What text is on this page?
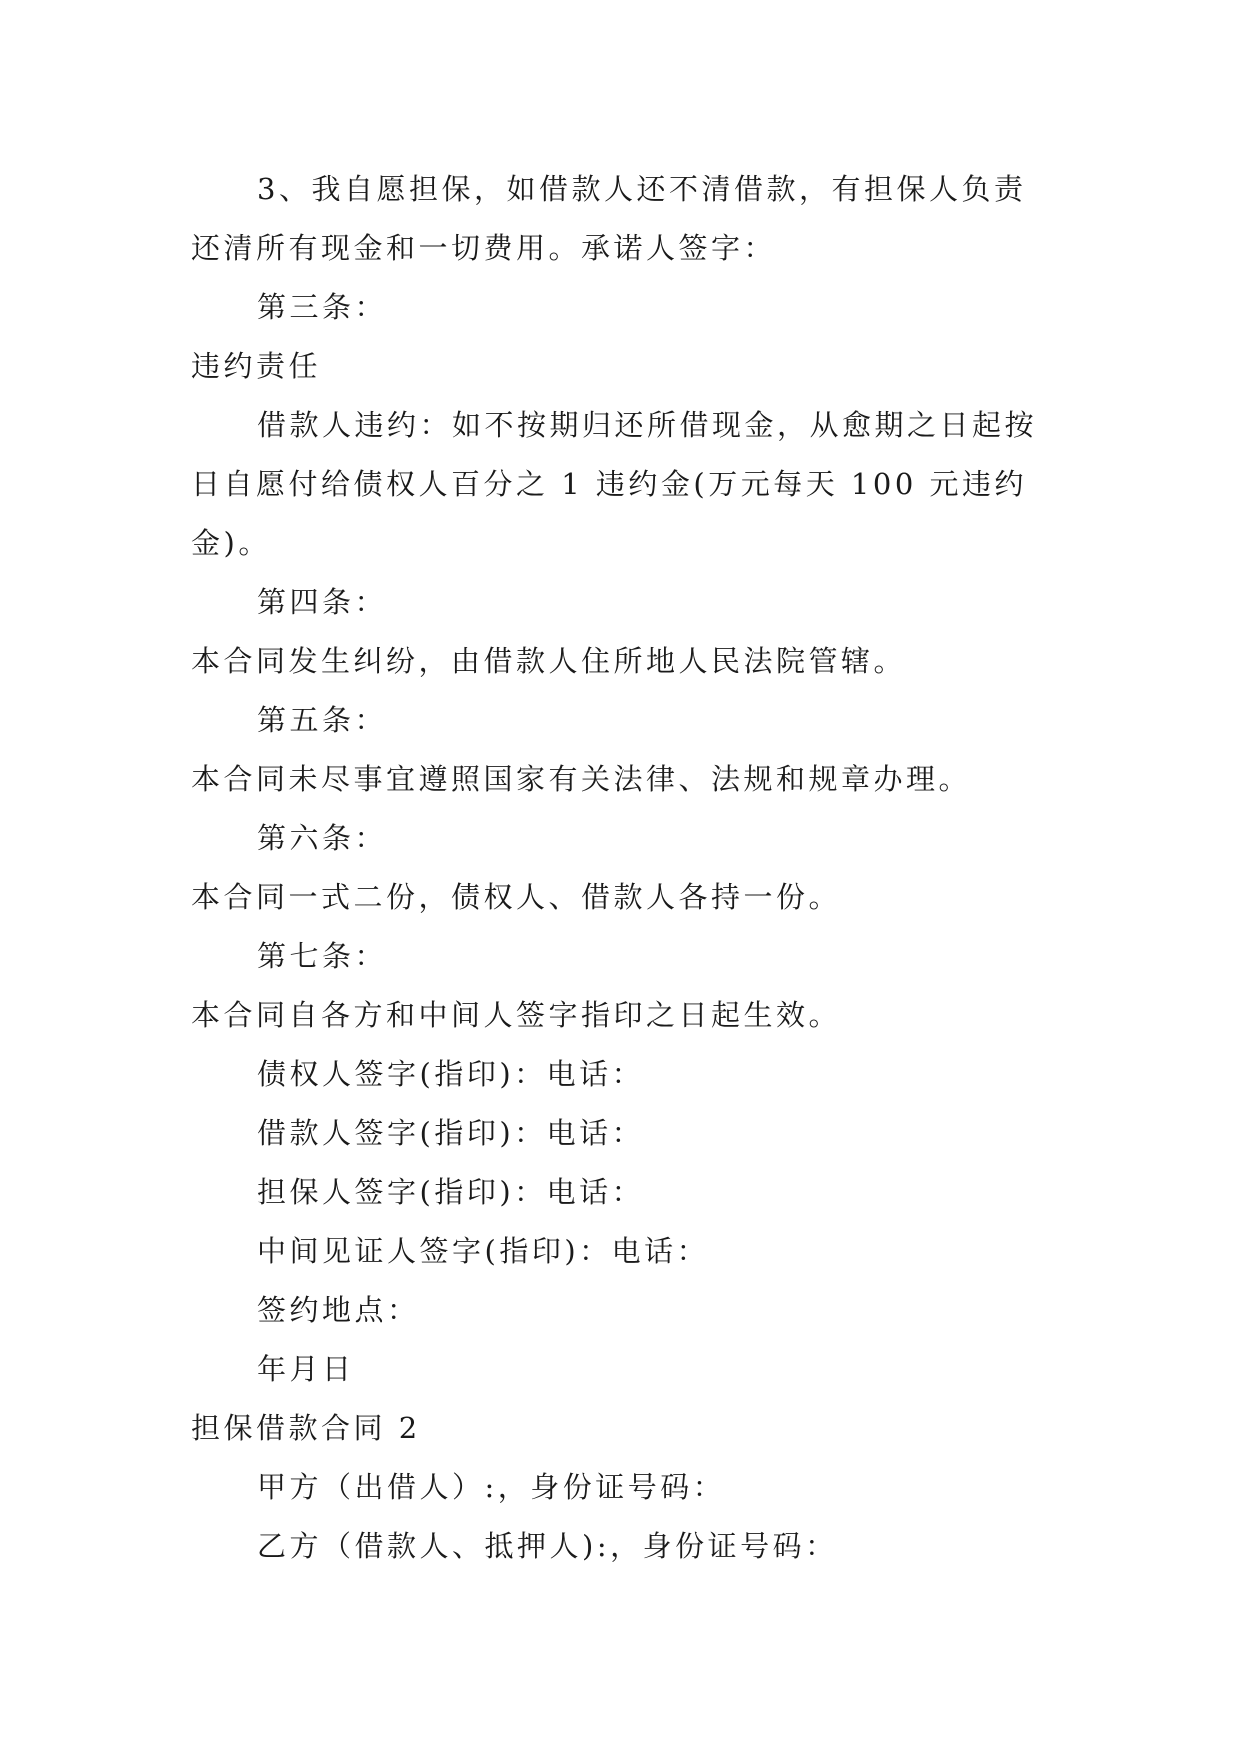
3、我自愿担保，如借款人还不清借款，有担保人负责
还清所有现金和一切费用。承诺人签字：
第三条：
违约责任
借款人违约：如不按期归还所借现金，从愈期之日起按
日自愿付给债权人百分之 1 违约金(万元每天 100 元违约
金)。
第四条：
本合同发生纠纷，由借款人住所地人民法院管辖。
第五条：
本合同未尽事宜遵照国家有关法律、法规和规章办理。
第六条：
本合同一式二份，债权人、借款人各持一份。
第七条：
本合同自各方和中间人签字指印之日起生效。
债权人签字(指印)：电话：
借款人签字(指印)：电话：
担保人签字(指印)：电话：
中间见证人签字(指印)：电话：
签约地点：
年月日
担保借款合同 2
甲方（出借人）:，身份证号码：
乙方（借款人、抵押人):，身份证号码：
